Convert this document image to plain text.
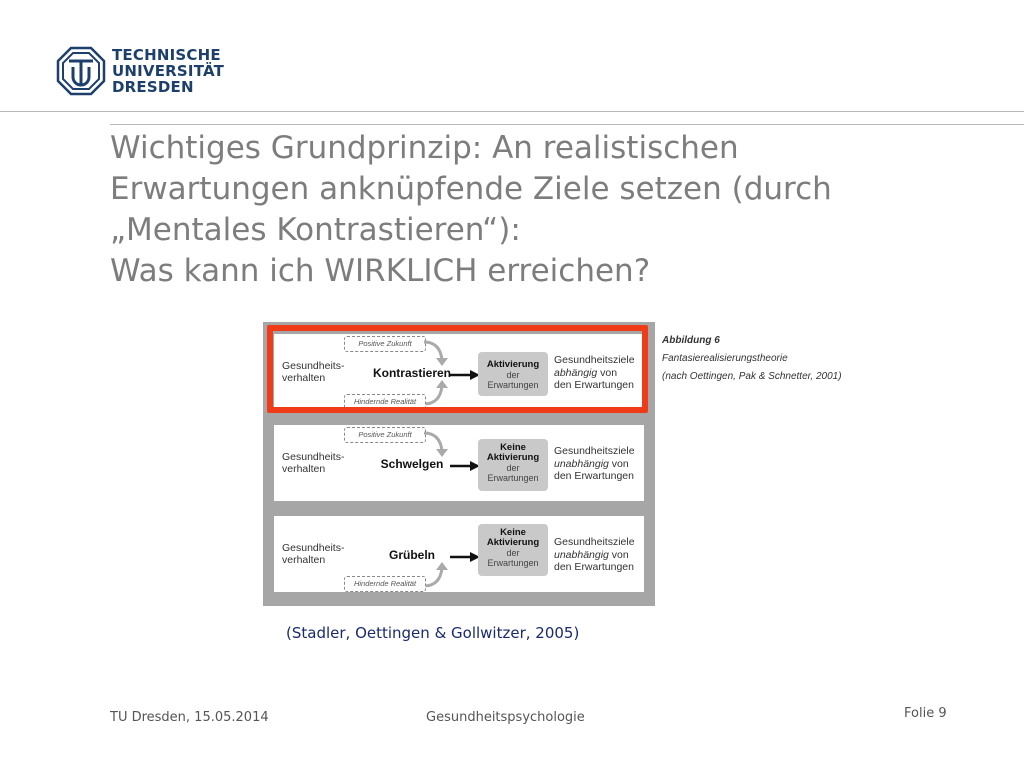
TECHNISCHE
UNIVERSITÄT
DRESDEN
Wichtiges Grundprinzip: An realistischen
Erwartungen anknüpfende Ziele setzen (durch
„Mentales Kontrastieren“):
Was kann ich WIRKLICH erreichen?
Positive Zukunft
Gesundheits-
verhalten	Kontrastieren
Aktivierung
der
Erwartungen
Gesundheitsziele
abhängig von
den Erwartungen
Hindernde Realität
Positive Zukunft
Gesundheits-
verhalten	Schwelgen
Keine
Aktivierung
der
Erwartungen
Gesundheitsziele
unabhängig von
den Erwartungen
Gesundheits-
verhalten	Grübeln
Keine
Aktivierung
der
Erwartungen
Gesundheitsziele
unabhängig von
den Erwartungen
Hindernde Realität
Abbildung 6
Fantasierealisierungstheorie
(nach Oettingen, Pak & Schnetter, 2001)
(Stadler, Oettingen & Gollwitzer, 2005)
TU Dresden, 15.05.2014	Gesundheitspsychologie	Folie 9
